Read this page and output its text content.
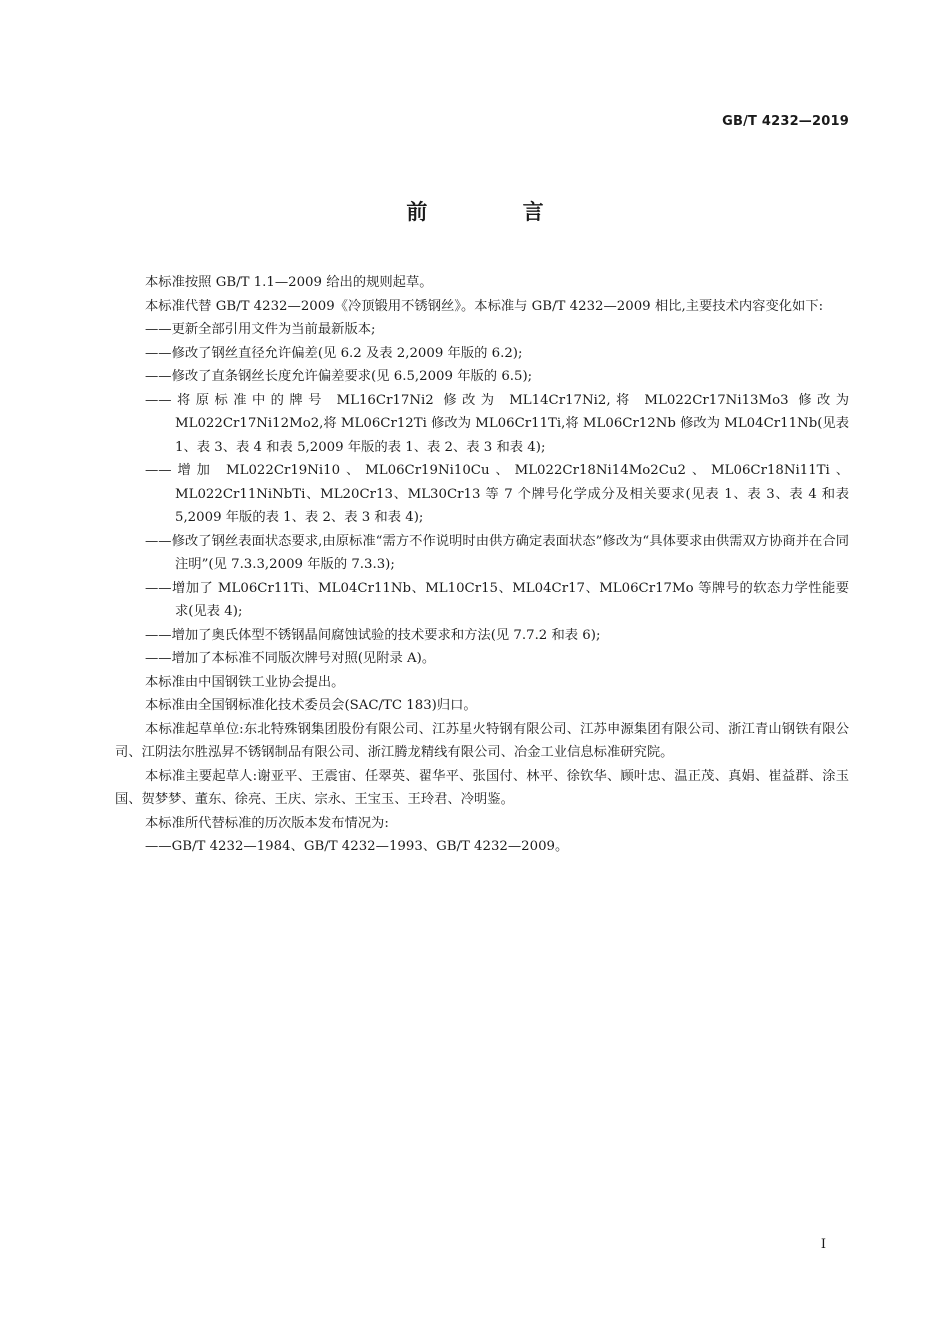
GB/T 4232—2019
前 言

本标准按照 GB/T 1.1—2009 给出的规则起草。

本标准代替 GB/T 4232—2009《冷顶锻用不锈钢丝》。本标准与 GB/T 4232—2009 相比,主要技术内容变化如下:

——更新全部引用文件为当前最新版本;

——修改了钢丝直径允许偏差(见 6.2 及表 2,2009 年版的 6.2);

——修改了直条钢丝长度允许偏差要求(见 6.5,2009 年版的 6.5);

——将原标准中的牌号 ML16Cr17Ni2 修改为 ML14Cr17Ni2,将 ML022Cr17Ni13Mo3 修改为 ML022Cr17Ni12Mo2,将 ML06Cr12Ti 修改为 ML06Cr11Ti,将 ML06Cr12Nb 修改为 ML04Cr11Nb(见表 1、表 3、表 4 和表 5,2009 年版的表 1、表 2、表 3 和表 4);

——增加 ML022Cr19Ni10、ML06Cr19Ni10Cu、ML022Cr18Ni14Mo2Cu2、ML06Cr18Ni11Ti、ML022Cr11NiNbTi、ML20Cr13、ML30Cr13 等 7 个牌号化学成分及相关要求(见表 1、表 3、表 4 和表 5,2009 年版的表 1、表 2、表 3 和表 4);

——修改了钢丝表面状态要求,由原标准“需方不作说明时由供方确定表面状态”修改为“具体要求由供需双方协商并在合同注明”(见 7.3.3,2009 年版的 7.3.3);

——增加了 ML06Cr11Ti、ML04Cr11Nb、ML10Cr15、ML04Cr17、ML06Cr17Mo 等牌号的软态力学性能要求(见表 4);

——增加了奥氏体型不锈钢晶间腐蚀试验的技术要求和方法(见 7.7.2 和表 6);

——增加了本标准不同版次牌号对照(见附录 A)。

本标准由中国钢铁工业协会提出。

本标准由全国钢标准化技术委员会(SAC/TC 183)归口。

本标准起草单位:东北特殊钢集团股份有限公司、江苏星火特钢有限公司、江苏申源集团有限公司、浙江青山钢铁有限公司、江阴法尔胜泓昇不锈钢制品有限公司、浙江腾龙精线有限公司、冶金工业信息标准研究院。

本标准主要起草人:谢亚平、王震宙、任翠英、翟华平、张国付、林平、徐钦华、顾叶忠、温正茂、真娟、崔益群、涂玉国、贺梦梦、董东、徐亮、王庆、宗永、王宝玉、王玲君、冷明鉴。

本标准所代替标准的历次版本发布情况为:

——GB/T 4232—1984、GB/T 4232—1993、GB/T 4232—2009。

I
